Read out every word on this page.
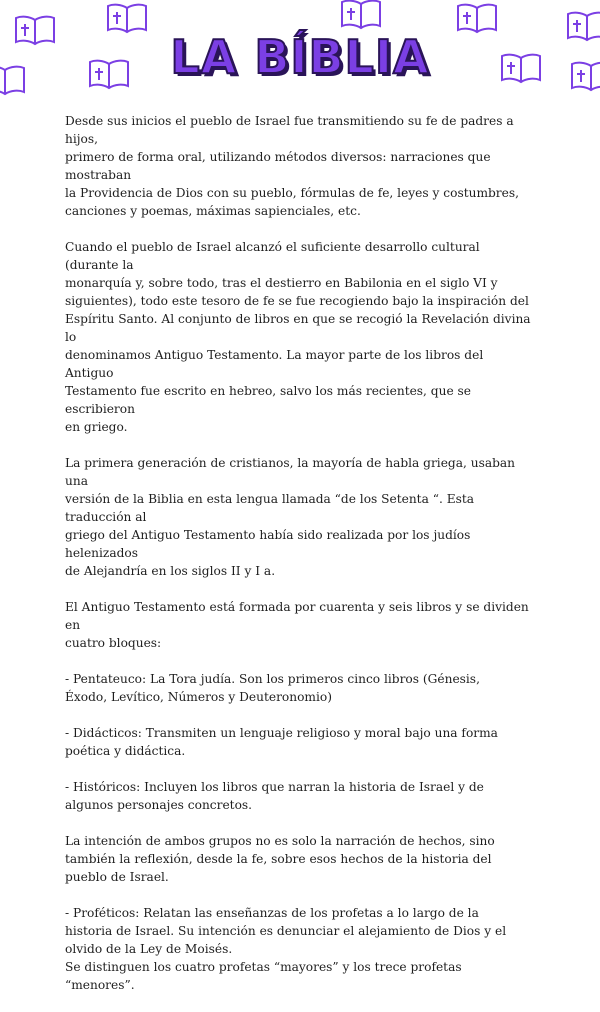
LA BÍBLIA

Desde sus inicios el pueblo de Israel fue transmitiendo su fe de padres a hijos,
primero de forma oral, utilizando métodos diversos: narraciones que mostraban
la Providencia de Dios con su pueblo, fórmulas de fe, leyes y costumbres,
canciones y poemas, máximas sapienciales, etc.

Cuando el pueblo de Israel alcanzó el suficiente desarrollo cultural (durante la
monarquía y, sobre todo, tras el destierro en Babilonia en el siglo VI y
siguientes), todo este tesoro de fe se fue recogiendo bajo la inspiración del
Espíritu Santo. Al conjunto de libros en que se recogió la Revelación divina lo
denominamos Antiguo Testamento. La mayor parte de los libros del Antiguo
Testamento fue escrito en hebreo, salvo los más recientes, que se escribieron
en griego.

La primera generación de cristianos, la mayoría de habla griega, usaban una
versión de la Biblia en esta lengua llamada “de los Setenta “. Esta traducción al
griego del Antiguo Testamento había sido realizada por los judíos helenizados
de Alejandría en los siglos II y I a.

El Antiguo Testamento está formada por cuarenta y seis libros y se dividen en
cuatro bloques:

- Pentateuco: La Tora judía. Son los primeros cinco libros (Génesis,
Éxodo, Levítico, Números y Deuteronomio)

- Didácticos: Transmiten un lenguaje religioso y moral bajo una forma
poética y didáctica.

- Históricos: Incluyen los libros que narran la historia de Israel y de
algunos personajes concretos.

La intención de ambos grupos no es solo la narración de hechos, sino
también la reflexión, desde la fe, sobre esos hechos de la historia del
pueblo de Israel.

- Proféticos: Relatan las enseñanzas de los profetas a lo largo de la
historia de Israel. Su intención es denunciar el alejamiento de Dios y el
olvido de la Ley de Moisés.
Se distinguen los cuatro profetas “mayores” y los trece profetas
“menores”.
